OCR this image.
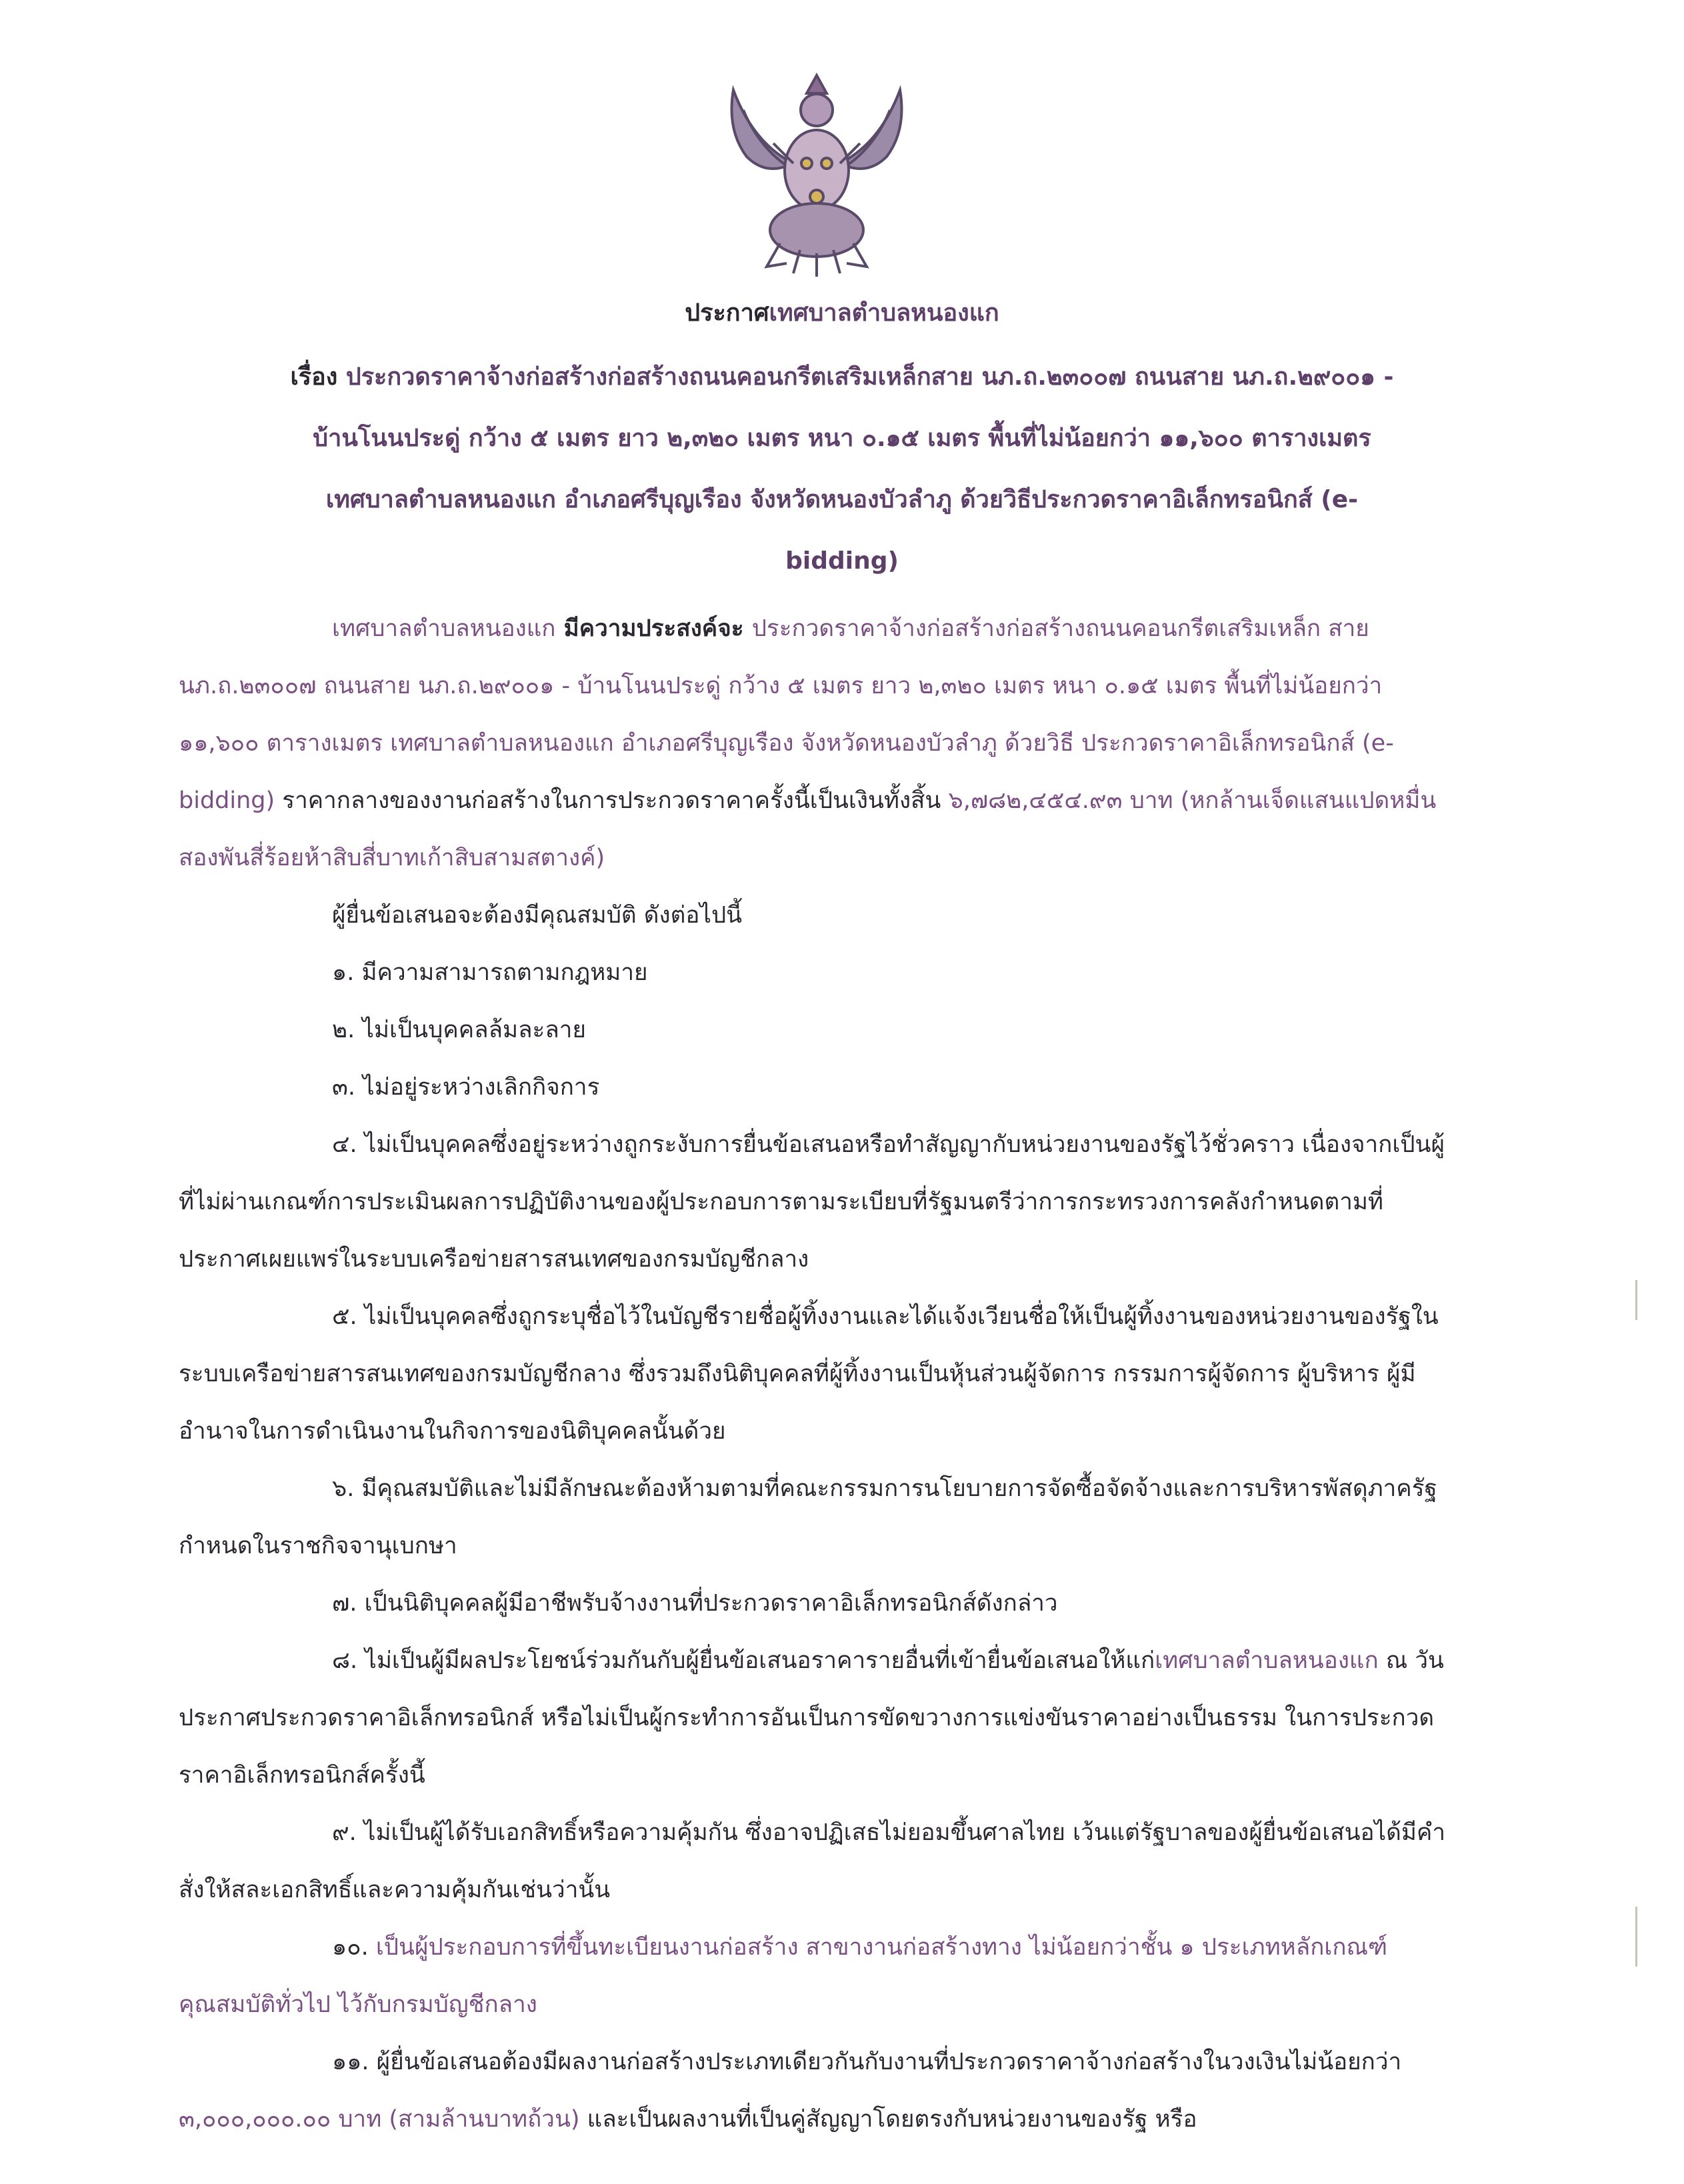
ประกาศเทศบาลตำบลหนองแก
เรื่อง ประกวดราคาจ้างก่อสร้างก่อสร้างถนนคอนกรีตเสริมเหล็กสาย นภ.ถ.๒๓๐๐๗ ถนนสาย นภ.ถ.๒๙๐๐๑ -
บ้านโนนประดู่ กว้าง ๕ เมตร ยาว ๒,๓๒๐ เมตร หนา ๐.๑๕ เมตร พื้นที่ไม่น้อยกว่า ๑๑,๖๐๐ ตารางเมตร
เทศบาลตำบลหนองแก อำเภอศรีบุญเรือง จังหวัดหนองบัวลำภู ด้วยวิธีประกวดราคาอิเล็กทรอนิกส์ (e-
bidding)

เทศบาลตำบลหนองแก มีความประสงค์จะ ประกวดราคาจ้างก่อสร้างก่อสร้างถนนคอนกรีตเสริมเหล็ก สาย นภ.ถ.๒๓๐๐๗ ถนนสาย นภ.ถ.๒๙๐๐๑ - บ้านโนนประดู่ กว้าง ๕ เมตร ยาว ๒,๓๒๐ เมตร หนา ๐.๑๕ เมตร พื้นที่ไม่น้อยกว่า ๑๑,๖๐๐ ตารางเมตร เทศบาลตำบลหนองแก อำเภอศรีบุญเรือง จังหวัดหนองบัวลำภู ด้วยวิธี ประกวดราคาอิเล็กทรอนิกส์ (e-bidding) ราคากลางของงานก่อสร้างในการประกวดราคาครั้งนี้เป็นเงินทั้งสิ้น ๖,๗๘๒,๔๕๔.๙๓ บาท (หกล้านเจ็ดแสนแปดหมื่นสองพันสี่ร้อยห้าสิบสี่บาทเก้าสิบสามสตางค์)

ผู้ยื่นข้อเสนอจะต้องมีคุณสมบัติ ดังต่อไปนี้

๑. มีความสามารถตามกฎหมาย

๒. ไม่เป็นบุคคลล้มละลาย

๓. ไม่อยู่ระหว่างเลิกกิจการ

๔. ไม่เป็นบุคคลซึ่งอยู่ระหว่างถูกระงับการยื่นข้อเสนอหรือทำสัญญากับหน่วยงานของรัฐไว้ชั่วคราว เนื่องจากเป็นผู้ที่ไม่ผ่านเกณฑ์การประเมินผลการปฏิบัติงานของผู้ประกอบการตามระเบียบที่รัฐมนตรีว่าการกระทรวงการคลังกำหนดตามที่ประกาศเผยแพร่ในระบบเครือข่ายสารสนเทศของกรมบัญชีกลาง

๕. ไม่เป็นบุคคลซึ่งถูกระบุชื่อไว้ในบัญชีรายชื่อผู้ทิ้งงานและได้แจ้งเวียนชื่อให้เป็นผู้ทิ้งงานของหน่วยงานของรัฐในระบบเครือข่ายสารสนเทศของกรมบัญชีกลาง ซึ่งรวมถึงนิติบุคคลที่ผู้ทิ้งงานเป็นหุ้นส่วนผู้จัดการ กรรมการผู้จัดการ ผู้บริหาร ผู้มีอำนาจในการดำเนินงานในกิจการของนิติบุคคลนั้นด้วย

๖. มีคุณสมบัติและไม่มีลักษณะต้องห้ามตามที่คณะกรรมการนโยบายการจัดซื้อจัดจ้างและการบริหารพัสดุภาครัฐกำหนดในราชกิจจานุเบกษา

๗. เป็นนิติบุคคลผู้มีอาชีพรับจ้างงานที่ประกวดราคาอิเล็กทรอนิกส์ดังกล่าว

๘. ไม่เป็นผู้มีผลประโยชน์ร่วมกันกับผู้ยื่นข้อเสนอราคารายอื่นที่เข้ายื่นข้อเสนอให้แก่เทศบาลตำบลหนองแก ณ วันประกาศประกวดราคาอิเล็กทรอนิกส์ หรือไม่เป็นผู้กระทำการอันเป็นการขัดขวางการแข่งขันราคาอย่างเป็นธรรม ในการประกวดราคาอิเล็กทรอนิกส์ครั้งนี้

๙. ไม่เป็นผู้ได้รับเอกสิทธิ์หรือความคุ้มกัน ซึ่งอาจปฏิเสธไม่ยอมขึ้นศาลไทย เว้นแต่รัฐบาลของผู้ยื่นข้อเสนอได้มีคำสั่งให้สละเอกสิทธิ์และความคุ้มกันเช่นว่านั้น

๑๐. เป็นผู้ประกอบการที่ขึ้นทะเบียนงานก่อสร้าง สาขางานก่อสร้างทาง ไม่น้อยกว่าชั้น ๑ ประเภทหลักเกณฑ์คุณสมบัติทั่วไป ไว้กับกรมบัญชีกลาง

๑๑. ผู้ยื่นข้อเสนอต้องมีผลงานก่อสร้างประเภทเดียวกันกับงานที่ประกวดราคาจ้างก่อสร้างในวงเงินไม่น้อยกว่า ๓,๐๐๐,๐๐๐.๐๐ บาท (สามล้านบาทถ้วน) และเป็นผลงานที่เป็นคู่สัญญาโดยตรงกับหน่วยงานของรัฐ หรือ
